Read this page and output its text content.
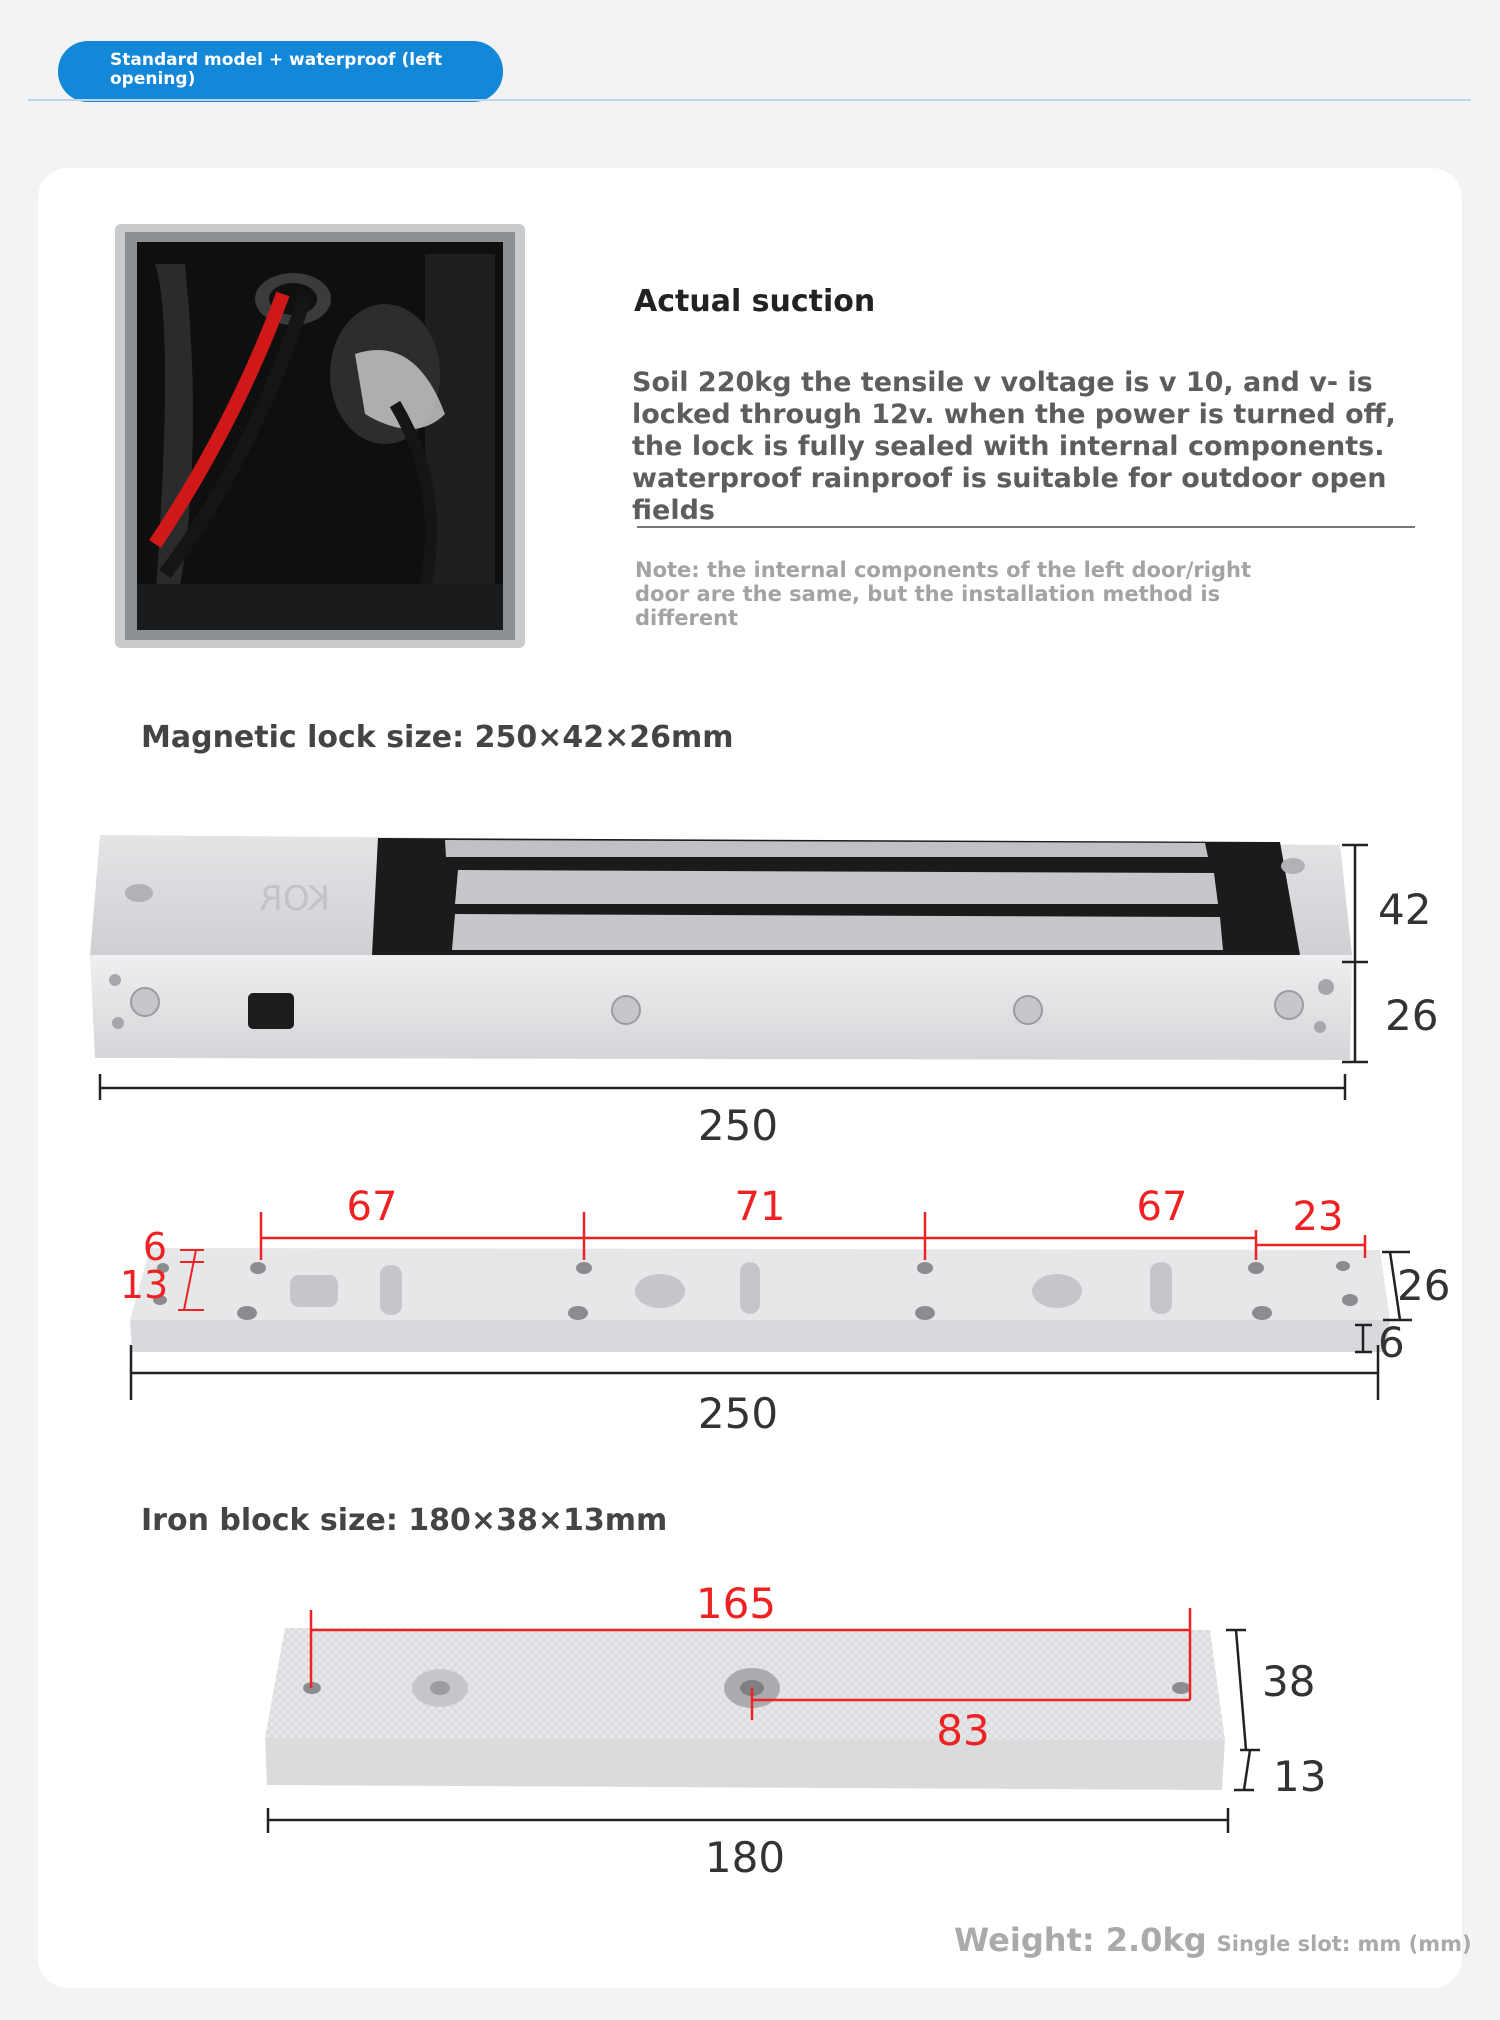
Standard model + waterproof (left opening)
Actual suction
Soil 220kg the tensile v voltage is v 10, and v- is locked through 12v. when the power is turned off, the lock is fully sealed with internal components. waterproof rainproof is suitable for outdoor open fields
Note: the internal components of the left door/right door are the same, but the installation method is different
Magnetic lock size: 250×42×26mm
KOR
250
42
26
67	71	67	23
6
13
250
26
6
Iron block size: 180×38×13mm
165
83
180
38
13
Weight: 2.0kg Single slot: mm (mm)
